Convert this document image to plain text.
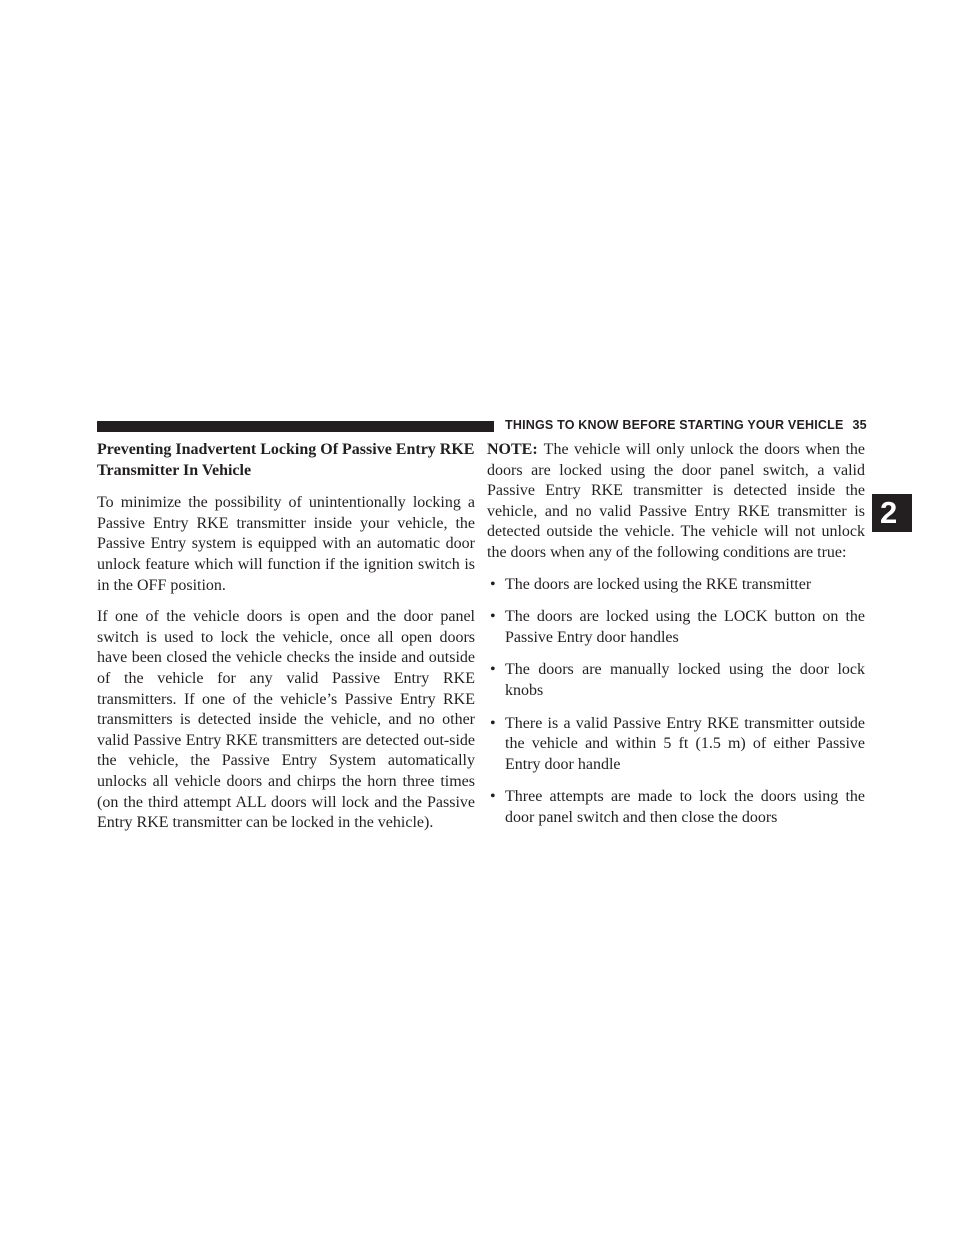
THINGS TO KNOW BEFORE STARTING YOUR VEHICLE 35
2

Preventing Inadvertent Locking Of Passive Entry RKE Transmitter In Vehicle

To minimize the possibility of unintentionally locking a Passive Entry RKE transmitter inside your vehicle, the Passive Entry system is equipped with an automatic door unlock feature which will function if the ignition switch is in the OFF position.

If one of the vehicle doors is open and the door panel switch is used to lock the vehicle, once all open doors have been closed the vehicle checks the inside and outside of the vehicle for any valid Passive Entry RKE transmitters. If one of the vehicle’s Passive Entry RKE transmitters is detected inside the vehicle, and no other valid Passive Entry RKE transmitters are detected out-side the vehicle, the Passive Entry System automatically unlocks all vehicle doors and chirps the horn three times (on the third attempt ALL doors will lock and the Passive Entry RKE transmitter can be locked in the vehicle).

NOTE: The vehicle will only unlock the doors when the doors are locked using the door panel switch, a valid Passive Entry RKE transmitter is detected inside the vehicle, and no valid Passive Entry RKE transmitter is detected outside the vehicle. The vehicle will not unlock the doors when any of the following conditions are true:

• The doors are locked using the RKE transmitter
• The doors are locked using the LOCK button on the Passive Entry door handles
• The doors are manually locked using the door lock knobs
• There is a valid Passive Entry RKE transmitter outside the vehicle and within 5 ft (1.5 m) of either Passive Entry door handle
• Three attempts are made to lock the doors using the door panel switch and then close the doors
